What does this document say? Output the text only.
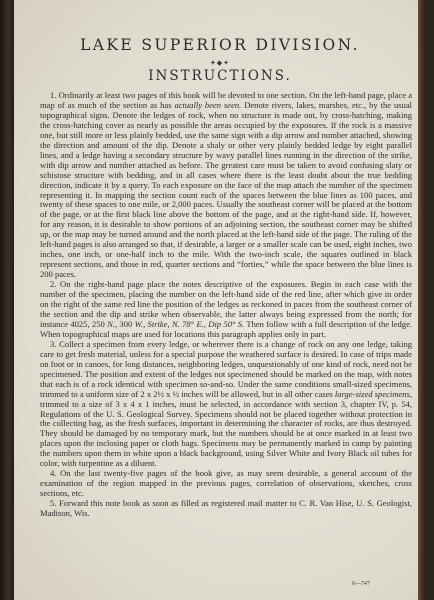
LAKE SUPERIOR DIVISION.
✦◆✦
INSTRUCTIONS.

1. Ordinarily at least two pages of this book will be devoted to one section. On the left-hand page, place a map of as much of the section as has actually been seen. Denote rivers, lakes, marshes, etc., by the usual topographical signs. Denote the ledges of rock, when no structure is made out, by cross-hatching, making the cross-hatching cover as nearly as possible the areas occupied by the exposures. If the rock is a massive one, but still more or less plainly bedded, use the same sign with a dip arrow and number attached, showing the direction and amount of the dip. Denote a shaly or other very plainly bedded ledge by eight parallel lines, and a ledge having a secondary structure by wavy parallel lines running in the direction of the strike, with dip arrow and number attached as before. The greatest care must be taken to avoid confusing slaty or schistose structure with bedding, and in all cases where there is the least doubt about the true bedding direction, indicate it by a query. To each exposure on the face of the map attach the number of the specimen representing it. In mapping the section count each of the spaces between the blue lines as 100 paces, and twenty of these spaces to one mile, or 2,000 paces. Usually the southeast corner will be placed at the bottom of the page, or at the first black line above the bottom of the page, and at the right-hand side. If, however, for any reason, it is desirable to show portions of an adjoining section, the southeast corner may be shifted up, or the map may be turned around and the north placed at the left-hand side of the page. The ruling of the left-hand pages is also arranged so that, if desirable, a larger or a smaller scale can be used, eight inches, two inches, one inch, or one-half inch to the mile. With the two-inch scale, the squares outlined in black represent sections, and those in red, quarter sections and “forties,” while the space between the blue lines is 200 paces.

2. On the right-hand page place the notes descriptive of the exposures. Begin in each case with the number of the specimen, placing the number on the left-hand side of the red line, after which give in order on the right of the same red line the position of the ledges as reckoned in paces from the southeast corner of the section and the dip and strike when observable, the latter always being expressed from the north; for instance 4025, 250 N., 300 W., Strike, N. 78° E., Dip 50° S. Then follow with a full description of the ledge. When topographical maps are used for locations this paragraph applies only in part.

3. Collect a specimen from every ledge, or wherever there is a change of rock on any one ledge, taking care to get fresh material, unless for a special purpose the weathered surface is desired. In case of trips made on foot or in canoes, for long distances, neighboring ledges, unquestionably of one kind of rock, need not be specimened. The position and extent of the ledges not specimened should be marked on the map, with notes that each is of a rock identical with specimen so-and-so. Under the same conditions small-sized specimens, trimmed to a uniform size of 2 x 2½ x ½ inches will be allowed, but in all other cases large-sized specimens, trimmed to a size of 3 x 4 x 1 inches, must be selected, in accordance with section 3, chapter IV, p. 54, Regulations of the U. S. Geological Survey. Specimens should not be placed together without protection in the collecting bag, as the fresh surfaces, important in determining the character of rocks, are thus destroyed. They should be damaged by no temporary mark, but the numbers should be at once marked in at least two places upon the inclosing paper or cloth bags. Specimens may be permanently marked in camp by painting the numbers upon them in white upon a black background, using Silver White and Ivory Black oil tubes for color, with turpentine as a diluent.

4. On the last twenty-five pages of the book give, as may seem desirable, a general account of the examination of the region mapped in the previous pages, correlation of observations, sketches, cross sections, etc.

5. Forward this note book as soon as filled as registered mail matter to C. R. Van Hise, U. S. Geologist, Madison, Wis.

6—747
